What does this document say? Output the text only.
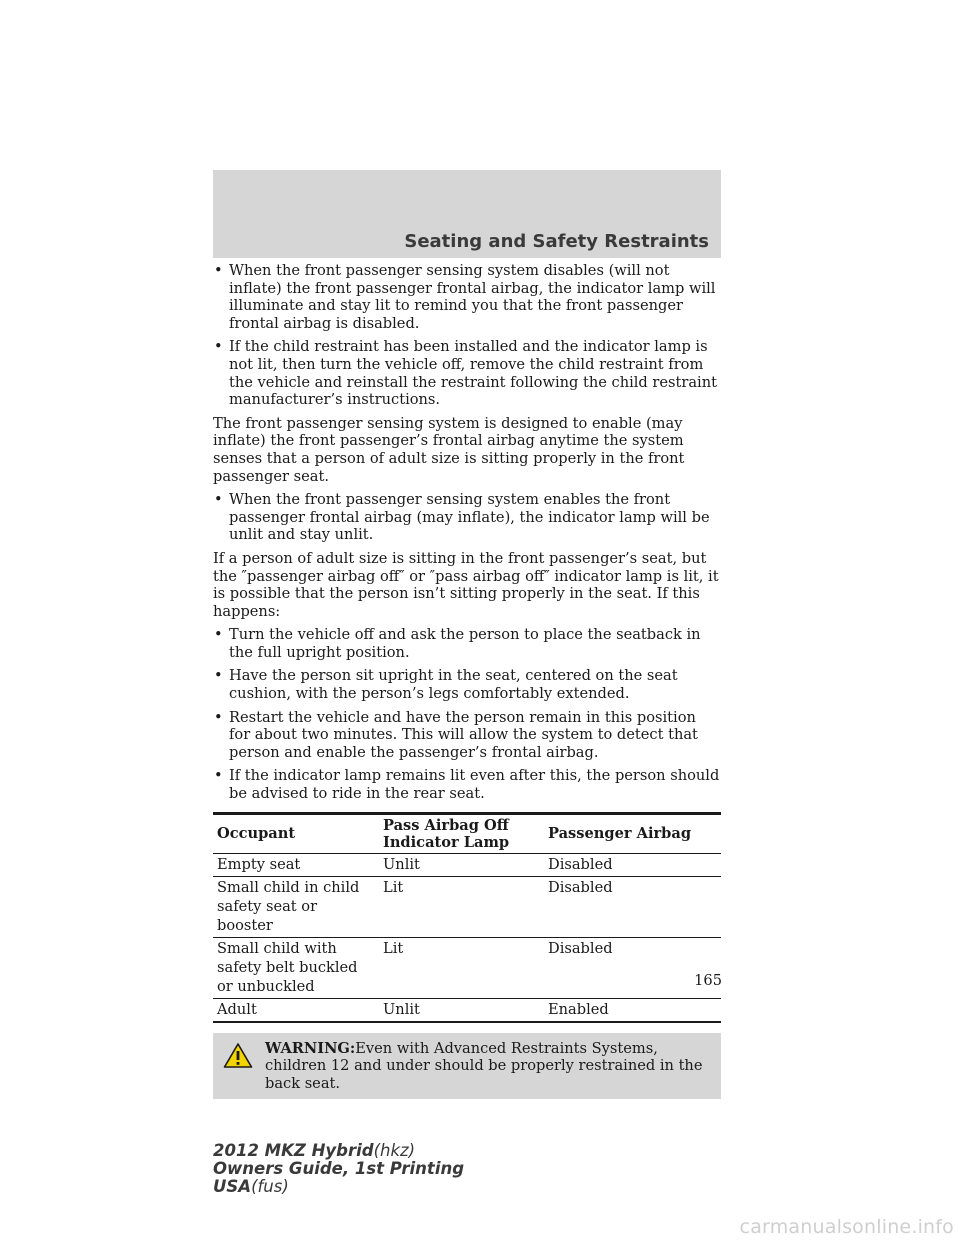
Seating and Safety Restraints
• When the front passenger sensing system disables (will not inflate) the front passenger frontal airbag, the indicator lamp will illuminate and stay lit to remind you that the front passenger frontal airbag is disabled.
• If the child restraint has been installed and the indicator lamp is not lit, then turn the vehicle off, remove the child restraint from the vehicle and reinstall the restraint following the child restraint manufacturer’s instructions.

The front passenger sensing system is designed to enable (may inflate) the front passenger’s frontal airbag anytime the system senses that a person of adult size is sitting properly in the front passenger seat.

• When the front passenger sensing system enables the front passenger frontal airbag (may inflate), the indicator lamp will be unlit and stay unlit.

If a person of adult size is sitting in the front passenger’s seat, but the ″passenger airbag off″ or ″pass airbag off″ indicator lamp is lit, it is possible that the person isn’t sitting properly in the seat. If this happens:

• Turn the vehicle off and ask the person to place the seatback in the full upright position.
• Have the person sit upright in the seat, centered on the seat cushion, with the person’s legs comfortably extended.
• Restart the vehicle and have the person remain in this position for about two minutes. This will allow the system to detect that person and enable the passenger’s frontal airbag.
• If the indicator lamp remains lit even after this, the person should be advised to ride in the rear seat.
Occupant	Pass Airbag Off Indicator Lamp	Passenger Airbag
Empty seat	Unlit	Disabled
Small child in child safety seat or booster	Lit	Disabled
Small child with safety belt buckled or unbuckled	Lit	Disabled
Adult	Unlit	Enabled
WARNING:Even with Advanced Restraints Systems, children 12 and under should be properly restrained in the back seat.
165
2012 MKZ Hybrid(hkz)
Owners Guide, 1st Printing
USA(fus)
carmanualsonline.info
